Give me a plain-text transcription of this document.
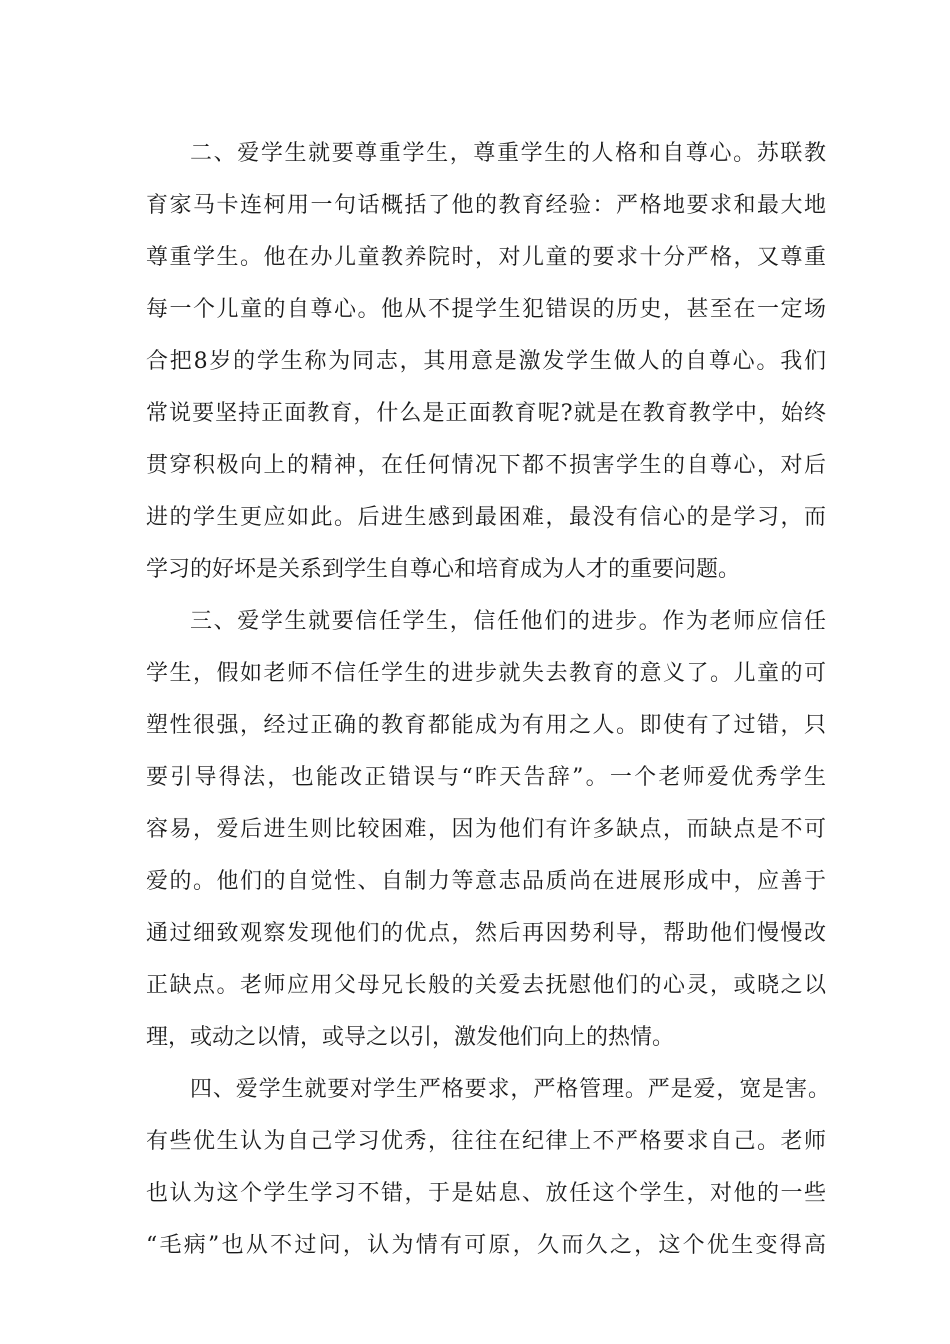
二、爱学生就要尊重学生，尊重学生的人格和自尊心。苏联教
育家马卡连柯用一句话概括了他的教育经验：严格地要求和最大地
尊重学生。他在办儿童教养院时，对儿童的要求十分严格，又尊重
每一个儿童的自尊心。他从不提学生犯错误的历史，甚至在一定场
合把8岁的学生称为同志，其用意是激发学生做人的自尊心。我们
常说要坚持正面教育，什么是正面教育呢?就是在教育教学中，始终
贯穿积极向上的精神，在任何情况下都不损害学生的自尊心，对后
进的学生更应如此。后进生感到最困难，最没有信心的是学习，而
学习的好坏是关系到学生自尊心和培育成为人才的重要问题。
三、爱学生就要信任学生，信任他们的进步。作为老师应信任
学生，假如老师不信任学生的进步就失去教育的意义了。儿童的可
塑性很强，经过正确的教育都能成为有用之人。即使有了过错，只
要引导得法，也能改正错误与“昨天告辞”。一个老师爱优秀学生
容易，爱后进生则比较困难，因为他们有许多缺点，而缺点是不可
爱的。他们的自觉性、自制力等意志品质尚在进展形成中，应善于
通过细致观察发现他们的优点，然后再因势利导，帮助他们慢慢改
正缺点。老师应用父母兄长般的关爱去抚慰他们的心灵，或晓之以
理，或动之以情，或导之以引，激发他们向上的热情。
四、爱学生就要对学生严格要求，严格管理。严是爱，宽是害。
有些优生认为自己学习优秀，往往在纪律上不严格要求自己。老师
也认为这个学生学习不错，于是姑息、放任这个学生，对他的一些
“毛病”也从不过问，认为情有可原，久而久之，这个优生变得高
